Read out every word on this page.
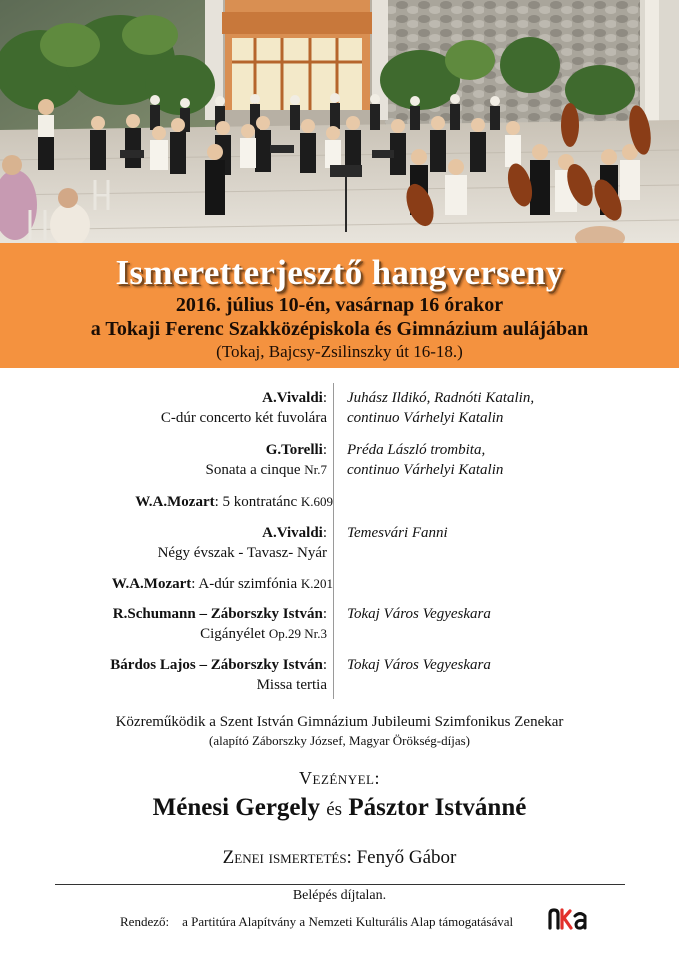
Ismeretterjesztő hangverseny
2016. július 10-én, vasárnap 16 órakor
a Tokaji Ferenc Szakközépiskola és Gimnázium aulájában
(Tokaj, Bajcsy-Zsilinszky út 16-18.)
A.Vivaldi: Juhász Ildikó, Radnóti Katalin,
C-dúr concerto két fuvolára continuo Várhelyi Katalin
G.Torelli: Préda László trombita,
Sonata a cinque Nr.7 continuo Várhelyi Katalin
W.A.Mozart: 5 kontratánc K.609
A.Vivaldi: Temesvári Fanni
Négy évszak - Tavasz- Nyár
W.A.Mozart: A-dúr szimfónia K.201
R.Schumann – Záborszky István: Tokaj Város Vegyeskara
Cigányélet Op.29 Nr.3
Bárdos Lajos – Záborszky István: Tokaj Város Vegyeskara
Missa tertia
Közreműködik a Szent István Gimnázium Jubileumi Szimfonikus Zenekar
(alapító Záborszky József, Magyar Örökség-díjas)
Vezényel:
Ménesi Gergely és Pásztor Istvánné
Zenei ismertetés: Fenyő Gábor
Belépés díjtalan.
Rendező: a Partitúra Alapítvány a Nemzeti Kulturális Alap támogatásával
